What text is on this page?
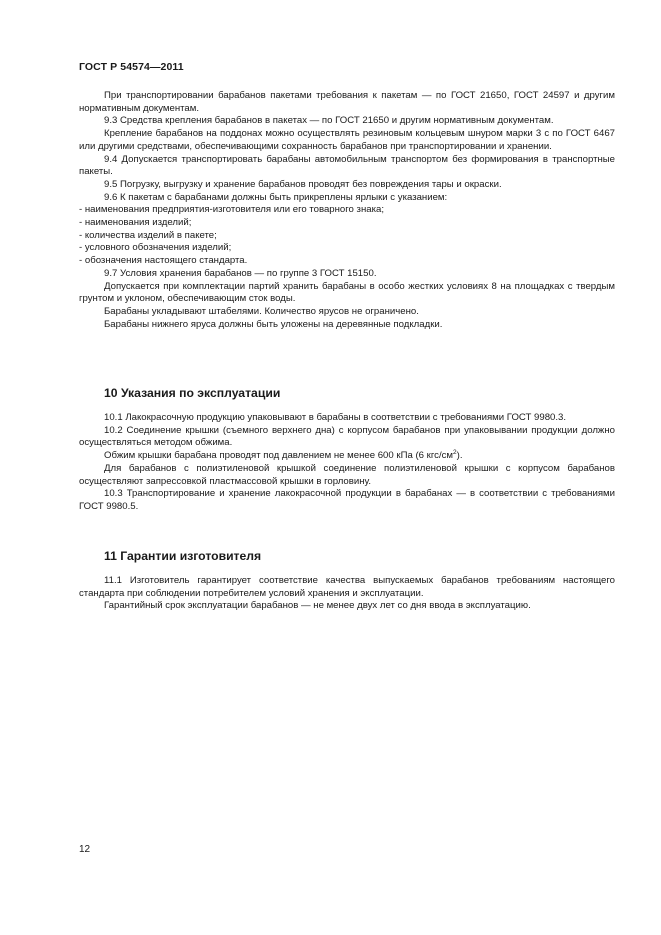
ГОСТ Р 54574—2011

При транспортировании барабанов пакетами требования к пакетам — по ГОСТ 21650, ГОСТ 24597 и другим нормативным документам.

9.3 Средства крепления барабанов в пакетах — по ГОСТ 21650 и другим нормативным документам.

Крепление барабанов на поддонах можно осуществлять резиновым кольцевым шнуром марки 3 с по ГОСТ 6467 или другими средствами, обеспечивающими сохранность барабанов при транспортировании и хранении.

9.4 Допускается транспортировать барабаны автомобильным транспортом без формирования в транспортные пакеты.

9.5 Погрузку, выгрузку и хранение барабанов проводят без повреждения тары и окраски.

9.6 К пакетам с барабанами должны быть прикреплены ярлыки с указанием:

- наименования предприятия-изготовителя или его товарного знака;

- наименования изделий;

- количества изделий в пакете;

- условного обозначения изделий;

- обозначения настоящего стандарта.

9.7 Условия хранения барабанов — по группе 3 ГОСТ 15150.

Допускается при комплектации партий хранить барабаны в особо жестких условиях 8 на площадках с твердым грунтом и уклоном, обеспечивающим сток воды.

Барабаны укладывают штабелями. Количество ярусов не ограничено.

Барабаны нижнего яруса должны быть уложены на деревянные подкладки.

10 Указания по эксплуатации

10.1 Лакокрасочную продукцию упаковывают в барабаны в соответствии с требованиями ГОСТ 9980.3.

10.2 Соединение крышки (съемного верхнего дна) с корпусом барабанов при упаковывании продукции должно осуществляться методом обжима.

Обжим крышки барабана проводят под давлением не менее 600 кПа (6 кгс/$см^2$).

Для барабанов с полиэтиленовой крышкой соединение полиэтиленовой крышки с корпусом барабанов осуществляют запрессовкой пластмассовой крышки в горловину.

10.3 Транспортирование и хранение лакокрасочной продукции в барабанах — в соответствии с требованиями ГОСТ 9980.5.

11 Гарантии изготовителя

11.1 Изготовитель гарантирует соответствие качества выпускаемых барабанов требованиям настоящего стандарта при соблюдении потребителем условий хранения и эксплуатации.

Гарантийный срок эксплуатации барабанов — не менее двух лет со дня ввода в эксплуатацию.

12
